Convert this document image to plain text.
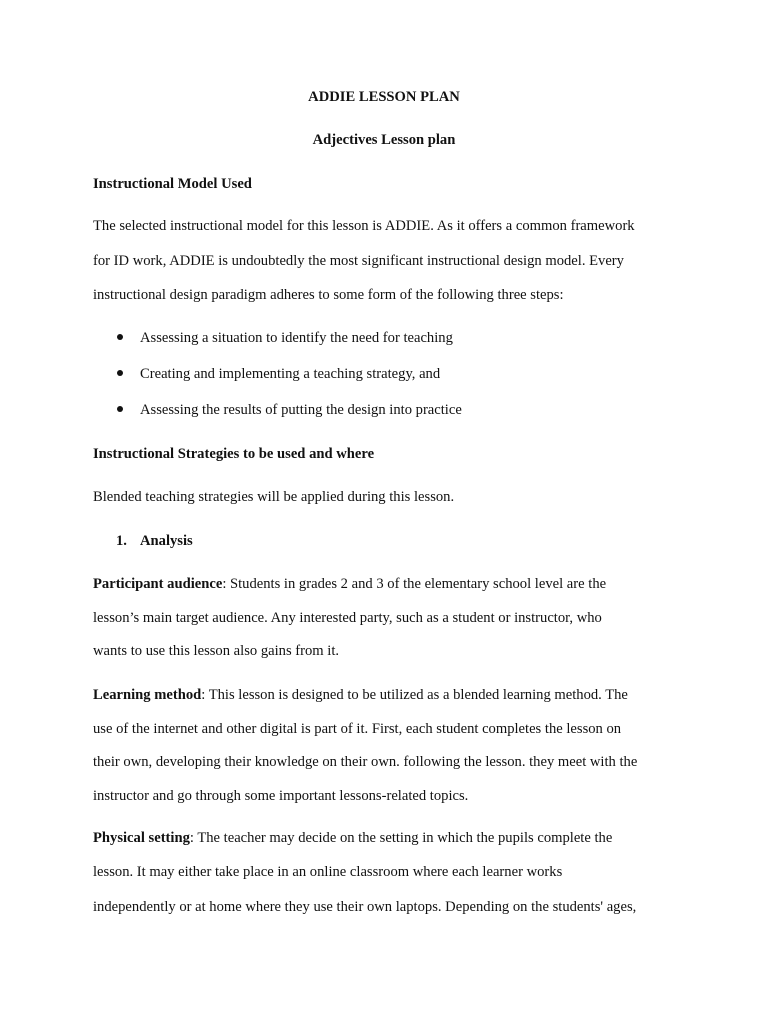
ADDIE LESSON PLAN
Adjectives Lesson plan
Instructional Model Used
The selected instructional model for this lesson is ADDIE. As it offers a common framework
for ID work, ADDIE is undoubtedly the most significant instructional design model. Every
instructional design paradigm adheres to some form of the following three steps:
Assessing a situation to identify the need for teaching
Creating and implementing a teaching strategy, and
Assessing the results of putting the design into practice
Instructional Strategies to be used and where
Blended teaching strategies will be applied during this lesson.
1. Analysis
Participant audience: Students in grades 2 and 3 of the elementary school level are the
lesson’s main target audience. Any interested party, such as a student or instructor, who
wants to use this lesson also gains from it.
Learning method: This lesson is designed to be utilized as a blended learning method. The
use of the internet and other digital is part of it. First, each student completes the lesson on
their own, developing their knowledge on their own. following the lesson. they meet with the
instructor and go through some important lessons-related topics.
Physical setting: The teacher may decide on the setting in which the pupils complete the
lesson. It may either take place in an online classroom where each learner works
independently or at home where they use their own laptops. Depending on the students' ages,
